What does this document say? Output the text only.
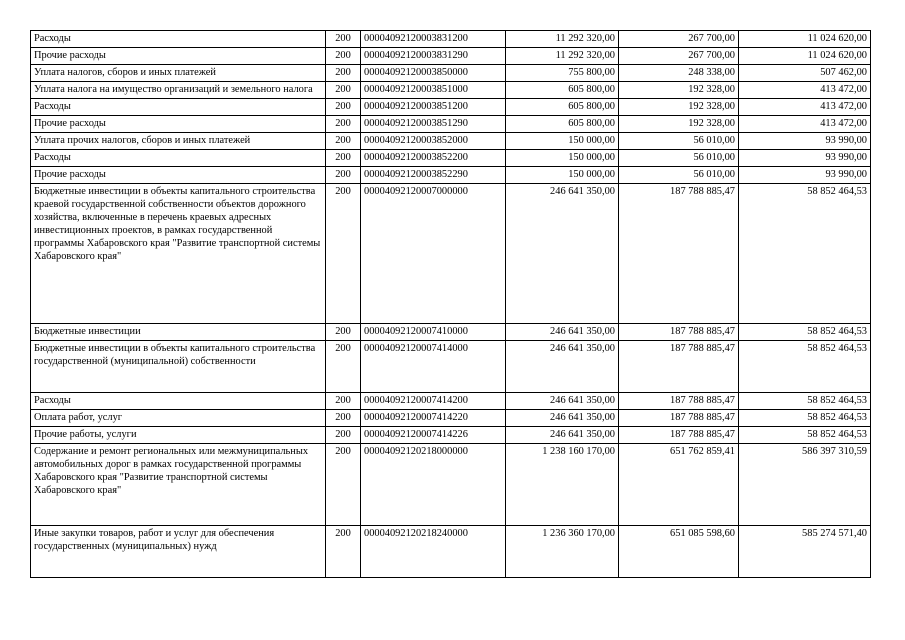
Расходы	200	00004092120003831200	11 292 320,00	267 700,00	11 024 620,00
Прочие расходы	200	00004092120003831290	11 292 320,00	267 700,00	11 024 620,00
Уплата налогов, сборов и иных платежей	200	00004092120003850000	755 800,00	248 338,00	507 462,00
Уплата налога на имущество организаций и земельного налога	200	00004092120003851000	605 800,00	192 328,00	413 472,00
Расходы	200	00004092120003851200	605 800,00	192 328,00	413 472,00
Прочие расходы	200	00004092120003851290	605 800,00	192 328,00	413 472,00
Уплата прочих налогов, сборов и иных платежей	200	00004092120003852000	150 000,00	56 010,00	93 990,00
Расходы	200	00004092120003852200	150 000,00	56 010,00	93 990,00
Прочие расходы	200	00004092120003852290	150 000,00	56 010,00	93 990,00
Бюджетные инвестиции в объекты капитального строительства краевой государственной собственности объектов дорожного хозяйства, включенные в перечень краевых адресных инвестиционных проектов, в рамках государственной программы Хабаровского края "Развитие транспортной системы Хабаровского края"	200	00004092120007000000	246 641 350,00	187 788 885,47	58 852 464,53
Бюджетные инвестиции	200	00004092120007410000	246 641 350,00	187 788 885,47	58 852 464,53
Бюджетные инвестиции в объекты капитального строительства государственной (муниципальной) собственности	200	00004092120007414000	246 641 350,00	187 788 885,47	58 852 464,53
Расходы	200	00004092120007414200	246 641 350,00	187 788 885,47	58 852 464,53
Оплата работ, услуг	200	00004092120007414220	246 641 350,00	187 788 885,47	58 852 464,53
Прочие работы, услуги	200	00004092120007414226	246 641 350,00	187 788 885,47	58 852 464,53
Содержание и ремонт региональных или межмуниципальных автомобильных дорог в рамках государственной программы Хабаровского края "Развитие транспортной системы Хабаровского края"	200	00004092120218000000	1 238 160 170,00	651 762 859,41	586 397 310,59
Иные закупки товаров, работ и услуг для обеспечения государственных (муниципальных) нужд	200	00004092120218240000	1 236 360 170,00	651 085 598,60	585 274 571,40
